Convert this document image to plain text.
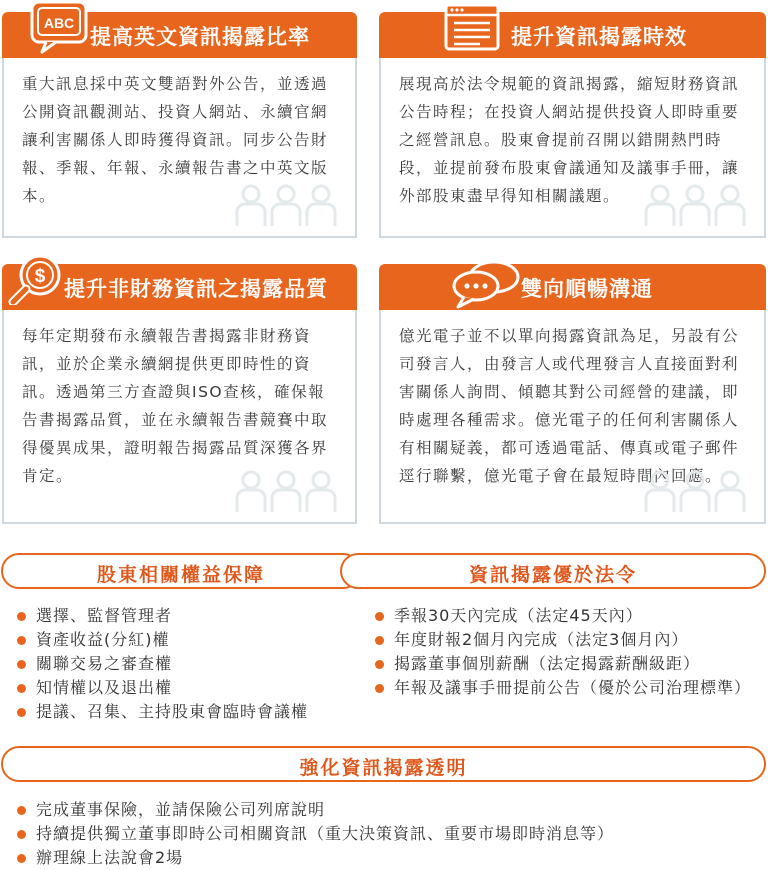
提高英文資訊揭露比率
重大訊息採中英文雙語對外公告，並透過公開資訊觀測站、投資人網站、永續官網讓利害關係人即時獲得資訊。同步公告財報、季報、年報、永續報告書之中英文版本。
ABC
提升資訊揭露時效
展現高於法令規範的資訊揭露，縮短財務資訊公告時程；在投資人網站提供投資人即時重要之經營訊息。股東會提前召開以錯開熱門時段，並提前發布股東會議通知及議事手冊，讓外部股東盡早得知相關議題。
提升非財務資訊之揭露品質
每年定期發布永續報告書揭露非財務資訊，並於企業永續網提供更即時性的資訊。透過第三方查證與ISO查核，確保報告書揭露品質，並在永續報告書競賽中取得優異成果，證明報告揭露品質深獲各界肯定。
$
雙向順暢溝通
億光電子並不以單向揭露資訊為足，另設有公司發言人，由發言人或代理發言人直接面對利害關係人詢問、傾聽其對公司經營的建議，即時處理各種需求。億光電子的任何利害關係人有相關疑義，都可透過電話、傳真或電子郵件逕行聯繫，億光電子會在最短時間內回應。
股東相關權益保障	資訊揭露優於法令
選擇、監督管理者
資產收益(分紅)權
關聯交易之審查權
知情權以及退出權
提議、召集、主持股東會臨時會議權
季報30天內完成（法定45天內）
年度財報2個月內完成（法定3個月內）
揭露董事個別薪酬（法定揭露薪酬級距）
年報及議事手冊提前公告（優於公司治理標準）
強化資訊揭露透明
完成董事保險，並請保險公司列席說明
持續提供獨立董事即時公司相關資訊（重大決策資訊、重要市場即時消息等）
辦理線上法說會2場
